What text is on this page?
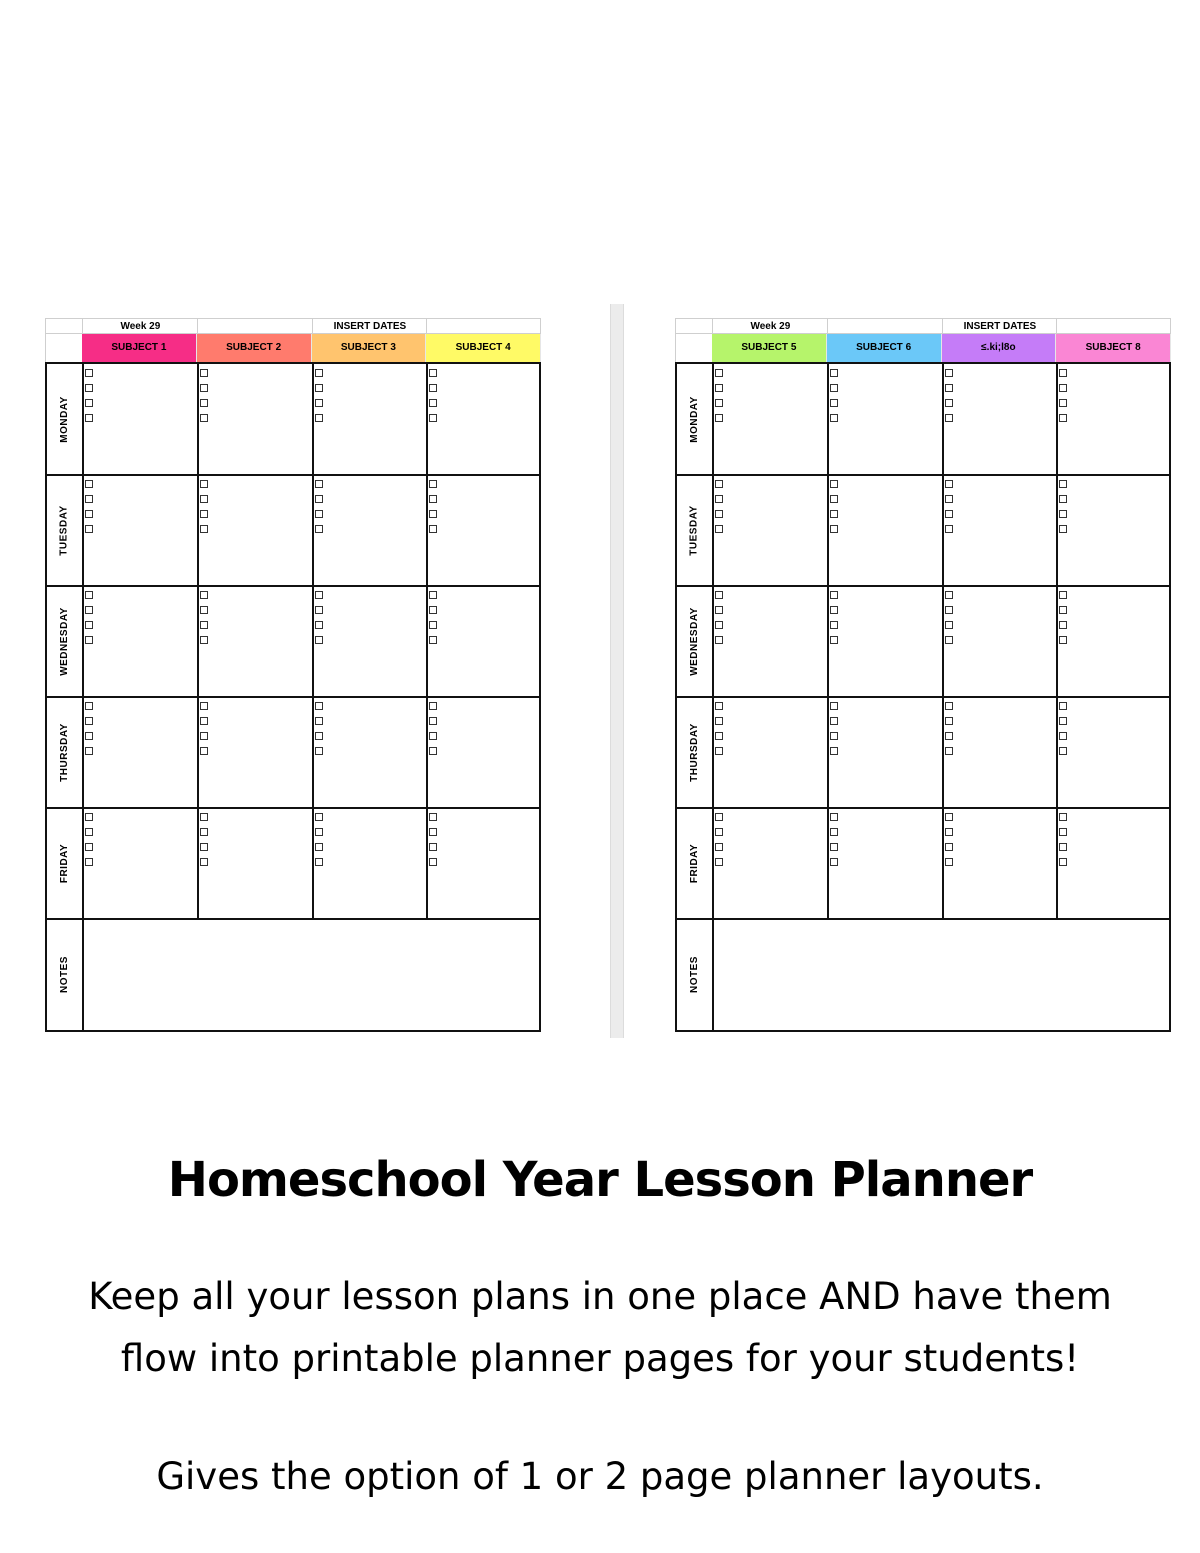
Week 29	INSERT DATES
SUBJECT 1	SUBJECT 2	SUBJECT 3	SUBJECT 4
MONDAY
TUESDAY
WEDNESDAY
THURSDAY
FRIDAY
NOTES
Week 29	INSERT DATES
SUBJECT 5	SUBJECT 6	≤.ki;l8o	SUBJECT 8
MONDAY
TUESDAY
WEDNESDAY
THURSDAY
FRIDAY
NOTES
Homeschool Year Lesson Planner
Keep all your lesson plans in one place AND have them flow into printable planner pages for your students!
Gives the option of 1 or 2 page planner layouts.
